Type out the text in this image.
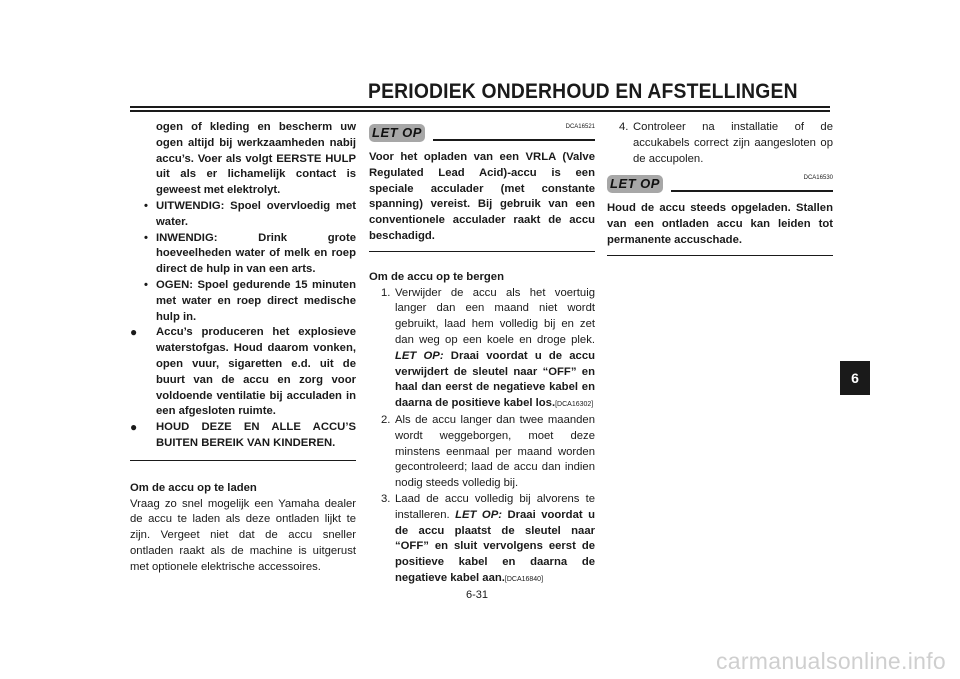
PERIODIEK ONDERHOUD EN AFSTELLINGEN
6
ogen of kleding en bescherm uw ogen altijd bij werkzaamheden nabij accu’s. Voer als volgt EERSTE HULP uit als er lichamelijk contact is geweest met elektrolyt.
• UITWENDIG: Spoel overvloedig met water.
• INWENDIG: Drink grote hoeveelheden water of melk en roep direct de hulp in van een arts.
• OGEN: Spoel gedurende 15 minuten met water en roep direct medische hulp in.
● Accu’s produceren het explosieve waterstofgas. Houd daarom vonken, open vuur, sigaretten e.d. uit de buurt van de accu en zorg voor voldoende ventilatie bij acculaden in een afgesloten ruimte.
● HOUD DEZE EN ALLE ACCU’S BUITEN BEREIK VAN KINDEREN.
Om de accu op te laden
Vraag zo snel mogelijk een Yamaha dealer de accu te laden als deze ontladen lijkt te zijn. Vergeet niet dat de accu sneller ontladen raakt als de machine is uitgerust met optionele elektrische accessoires.
DCA16521
LET OP
Voor het opladen van een VRLA (Valve Regulated Lead Acid)-accu is een speciale acculader (met constante spanning) vereist. Bij gebruik van een conventionele acculader raakt de accu beschadigd.
Om de accu op te bergen
1. Verwijder de accu als het voertuig langer dan een maand niet wordt gebruikt, laad hem volledig bij en zet dan weg op een koele en droge plek. LET OP: Draai voordat u de accu verwijdert de sleutel naar “OFF” en haal dan eerst de negatieve kabel en daarna de positieve kabel los.[DCA16302]
2. Als de accu langer dan twee maanden wordt weggeborgen, moet deze minstens eenmaal per maand worden gecontroleerd; laad de accu dan indien nodig steeds volledig bij.
3. Laad de accu volledig bij alvorens te installeren. LET OP: Draai voordat u de accu plaatst de sleutel naar “OFF” en sluit vervolgens eerst de positieve kabel en daarna de negatieve kabel aan.[DCA16840]
4. Controleer na installatie of de accukabels correct zijn aangesloten op de accupolen.
DCA16530
LET OP
Houd de accu steeds opgeladen. Stallen van een ontladen accu kan leiden tot permanente accuschade.
6-31
carmanualsonline.info
